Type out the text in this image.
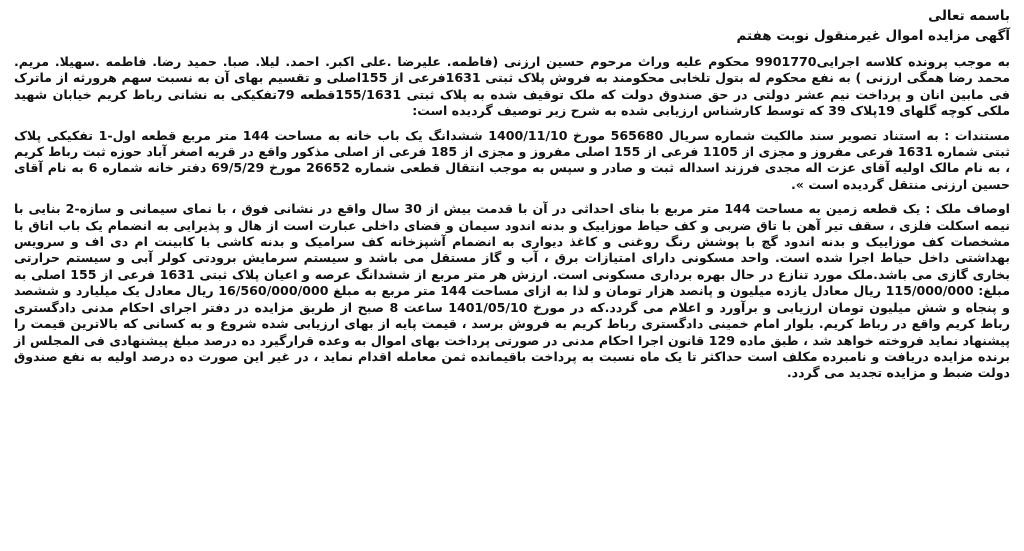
باسمه تعالی

آگهی مزایده اموال غیرمنقول نوبت هفتم

به موجب پرونده کلاسه اجرایی9901770 محکوم علیه وراث مرحوم حسین ارزنی (فاطمه. علیرضا .علی اکبر. احمد. لیلا. صبا. حمید رضا. فاطمه .سهیلا. مریم. محمد رضا همگی ارزنی ) به نفع محکوم له بتول تلخابی محکومند به فروش پلاک ثبتی 1631فرعی از 155اصلی و تقسیم بهای آن به نسبت سهم هرورثه از ماترک فی مابین انان و پرداخت نیم عشر دولتی در حق صندوق دولت که ملک توقیف شده به پلاک ثبتی 155/1631قطعه 79تفکیکی به نشانی رباط کریم خیابان شهید ملکی کوچه گلهای 19پلاک 39 که توسط کارشناس ارزیابی شده به شرح زیر توصیف گردیده است:

مستندات : به استناد تصویر سند مالکیت شماره سریال 565680 مورخ 1400/11/10 ششدانگ یک باب خانه به مساحت 144 متر مربع قطعه اول-1 تفکیکی پلاک ثبتی شماره 1631 فرعی مفروز و مجزی از 1105 فرعی از 155 اصلی مفروز و مجزی از 185 فرعی از اصلی مذکور واقع در قریه اصغر آباد حوزه ثبت رباط کریم ، به نام مالک اولیه آقای عزت اله مجدی فرزند اسداله ثبت و صادر و سپس به موجب انتقال قطعی شماره 26652 مورخ 69/5/29 دفتر خانه شماره 6 به نام آقای حسین ارزنی منتقل گردیده است ».

اوصاف ملک : یک قطعه زمین به مساحت 144 متر مربع با بنای احداثی در آن با قدمت بیش از 30 سال واقع در نشانی فوق ، با نمای سیمانی و سازه-2 بنایی با نیمه اسکلت فلزی ، سقف تیر آهن با تاق ضربی و کف حیاط موزاییک و بدنه اندود سیمان و فضای داخلی عبارت است از هال و پذیرایی به انضمام یک باب اتاق با مشخصات کف موزاییک و بدنه اندود گچ با پوشش رنگ روغنی و کاغذ دیواری به انضمام آشپزخانه کف سرامیک و بدنه کاشی با کابینت ام دی اف و سرویس بهداشتی داخل حیاط اجرا شده است. واحد مسکونی دارای امتیازات برق ، آب و گاز مستقل می باشد و سیستم سرمایش برودتی کولر آبی و سیستم حرارتی بخاری گازی می باشد.ملک مورد تنازع در حال بهره برداری مسکونی است. ارزش هر متر مربع از ششدانگ عرصه و اعیان پلاک ثبتی 1631 فرعی از 155 اصلی به مبلغ: 115/000/000 ریال معادل یازده میلیون و پانصد هزار تومان و لذا به ازای مساحت 144 متر مربع به مبلغ 16/560/000/000 ریال معادل یک میلیارد و ششصد و پنجاه و شش میلیون تومان ارزیابی و برآورد و اعلام می گردد.که در مورخ 1401/05/10 ساعت 8 صبح از طریق مزایده در دفتر اجرای احکام مدنی دادگستری رباط کریم واقع در رباط کریم. بلوار امام خمینی دادگستری رباط کریم به فروش برسد ، قیمت پایه از بهای ارزیابی شده شروع و به کسانی که بالاترین قیمت را پیشنهاد نماید فروخته خواهد شد ، طبق ماده 129 قانون اجرا احکام مدنی در صورتی پرداخت بهای اموال به وعده قرارگیرد ده درصد مبلغ پیشنهادی فی المجلس از برنده مزایده دریافت و نامبرده مکلف است حداکثر تا یک ماه نسبت به پرداخت باقیمانده ثمن معامله اقدام نماید ، در غیر این صورت ده درصد اولیه به نفع صندوق دولت ضبط و مزایده تجدید می گردد.
